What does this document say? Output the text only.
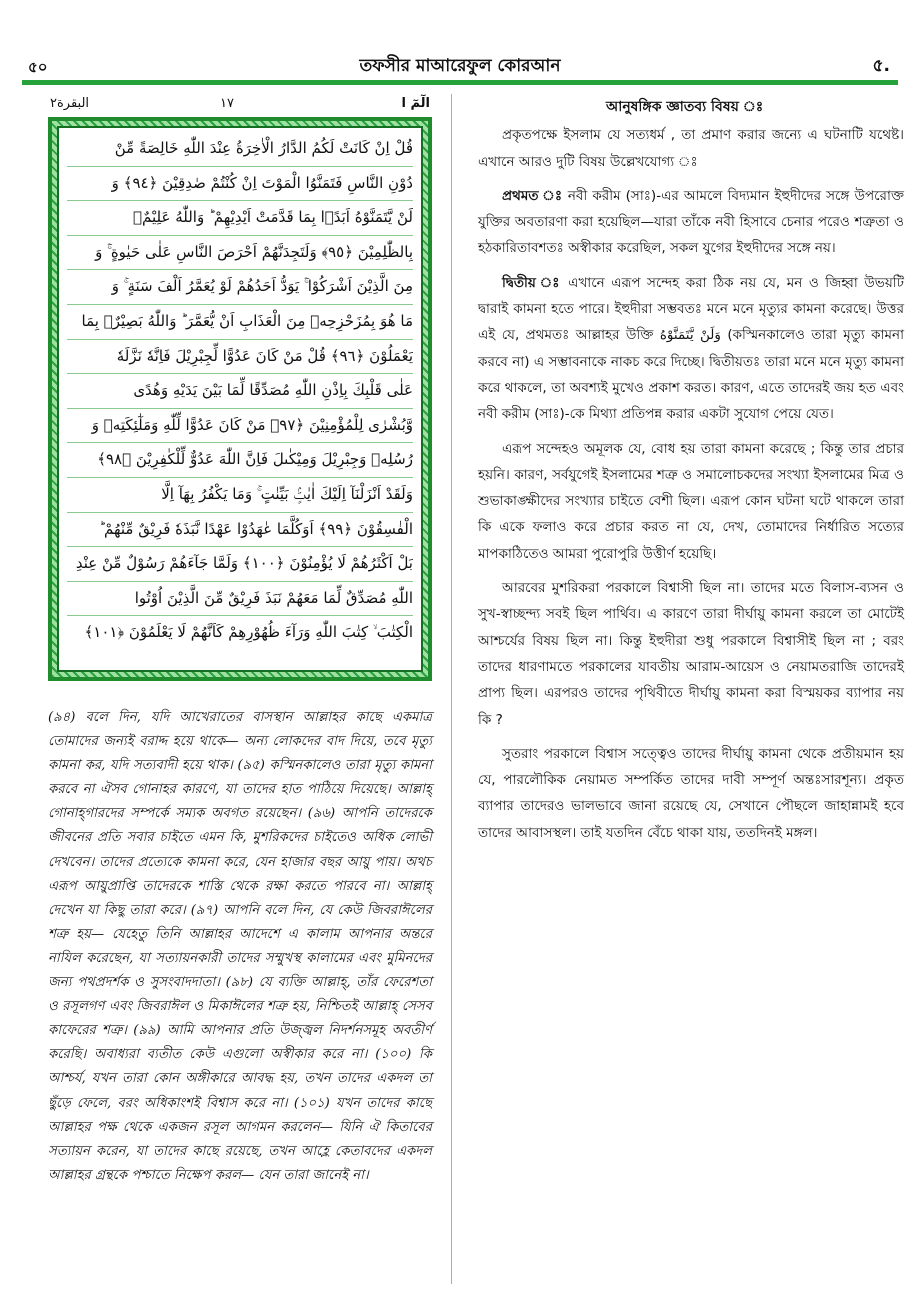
৫০	তফসীর মাআরেফুল কোরআন	৫.
البقرة٢	١٧	الٓمٓ ا
قُلْ اِنْ كَانَتْ لَكُمُ الدَّارُ الْاٰخِرَةُ عِنْدَ اللّٰهِ خَالِصَةً مِّنْ
دُوْنِ النَّاسِ فَتَمَنَّوُا الْمَوْتَ اِنْ كُنْتُمْ صٰدِقِيْنَ ﴿٩٤﴾ وَ
لَنْ يَّتَمَنَّوْهُ اَبَدًۢا بِمَا قَدَّمَتْ اَيْدِيْهِمْ ؕ وَاللّٰهُ عَلِيْمٌۢ
بِالظّٰلِمِيْنَ ﴿٩٥﴾ وَلَتَجِدَنَّهُمْ اَحْرَصَ النَّاسِ عَلٰى حَيٰوةٍ ۚۛ وَ
مِنَ الَّذِيْنَ اَشْرَكُوْا ۚۛ يَوَدُّ اَحَدُهُمْ لَوْ يُعَمَّرُ اَلْفَ سَنَةٍ ۚ وَ
مَا هُوَ بِمُزَحْزِحِهٖ مِنَ الْعَذَابِ اَنْ يُّعَمَّرَ ؕ وَاللّٰهُ بَصِيْرٌۢ بِمَا
يَعْمَلُوْنَ ﴿٩٦﴾ قُلْ مَنْ كَانَ عَدُوًّا لِّجِبْرِيْلَ فَاِنَّهٗ نَزَّلَهٗ
عَلٰى قَلْبِكَ بِاِذْنِ اللّٰهِ مُصَدِّقًا لِّمَا بَيْنَ يَدَيْهِ وَهُدًى
وَّبُشْرٰى لِلْمُؤْمِنِيْنَ ﴿٩٧﴾ مَنْ كَانَ عَدُوًّا لِّلّٰهِ وَمَلٰٓئِكَتِهٖ وَ
رُسُلِهٖ وَجِبْرِيْلَ وَمِيْكٰىلَ فَاِنَّ اللّٰهَ عَدُوٌّ لِّلْكٰفِرِيْنَ ﴿٩٨﴾
وَلَقَدْ اَنْزَلْنَآ اِلَيْكَ اٰيٰتٍۢ بَيِّنٰتٍ ۚ وَمَا يَكْفُرُ بِهَآ اِلَّا
الْفٰسِقُوْنَ ﴿٩٩﴾ اَوَكُلَّمَا عٰهَدُوْا عَهْدًا نَّبَذَهٗ فَرِيْقٌ مِّنْهُمْ ؕ
بَلْ اَكْثَرُهُمْ لَا يُؤْمِنُوْنَ ﴿١٠٠﴾ وَلَمَّا جَآءَهُمْ رَسُوْلٌ مِّنْ عِنْدِ
اللّٰهِ مُصَدِّقٌ لِّمَا مَعَهُمْ نَبَذَ فَرِيْقٌ مِّنَ الَّذِيْنَ اُوْتُوا
الْكِتٰبَ ۙ كِتٰبَ اللّٰهِ وَرَآءَ ظُهُوْرِهِمْ كَاَنَّهُمْ لَا يَعْلَمُوْنَ ﴿١٠١﴾

(৯৪) বলে দিন, যদি আখেরাতের বাসস্থান আল্লাহর কাছে একমাত্র তোমাদের জন্যই বরাদ্দ হয়ে থাকে— অন্য লোকদের বাদ দিয়ে, তবে মৃত্যু কামনা কর, যদি সত্যবাদী হয়ে থাক। (৯৫) কস্মিনকালেও তারা মৃত্যু কামনা করবে না ঐসব গোনাহর কারণে, যা তাদের হাত পাঠিয়ে দিয়েছে। আল্লাহ্ গোনাহ্গারদের সম্পর্কে সম্যক অবগত রয়েছেন। (৯৬) আপনি তাদেরকে জীবনের প্রতি সবার চাইতে এমন কি, মুশরিকদের চাইতেও অধিক লোভী দেখবেন। তাদের প্রত্যেকে কামনা করে, যেন হাজার বছর আয়ু পায়। অথচ এরূপ আয়ুপ্রাপ্তি তাদেরকে শাস্তি থেকে রক্ষা করতে পারবে না। আল্লাহ্ দেখেন যা কিছু তারা করে। (৯৭) আপনি বলে দিন, যে কেউ জিবরাঈলের শত্রু হয়— যেহেতু তিনি আল্লাহর আদেশে এ কালাম আপনার অন্তরে নাযিল করেছেন, যা সত্যায়নকারী তাদের সম্মুখস্থ কালামের এবং মুমিনদের জন্য পথপ্রদর্শক ও সুসংবাদদাতা। (৯৮) যে ব্যক্তি আল্লাহ্, তাঁর ফেরেশতা ও রসূলগণ এবং জিবরাঈল ও মিকাঈলের শত্রু হয়, নিশ্চিতই আল্লাহ্ সেসব কাফেরের শত্রু। (৯৯) আমি আপনার প্রতি উজ্জ্বল নিদর্শনসমূহ অবতীর্ণ করেছি। অবাধ্যরা ব্যতীত কেউ এগুলো অস্বীকার করে না। (১০০) কি আশ্চর্য, যখন তারা কোন অঙ্গীকারে আবদ্ধ হয়, তখন তাদের একদল তা ছুঁড়ে ফেলে, বরং অধিকাংশই বিশ্বাস করে না। (১০১) যখন তাদের কাছে আল্লাহর পক্ষ থেকে একজন রসূল আগমন করলেন— যিনি ঐ কিতাবের সত্যায়ন করেন, যা তাদের কাছে রয়েছে, তখন আহ্লে কেতাবদের একদল আল্লাহর গ্রন্থকে পশ্চাতে নিক্ষেপ করল— যেন তারা জানেই না।

আনুষঙ্গিক জ্ঞাতব্য বিষয় ঃ

প্রকৃতপক্ষে ইসলাম যে সত্যধর্ম , তা প্রমাণ করার জন্যে এ ঘটনাটি যথেষ্ট। এখানে আরও দুটি বিষয় উল্লেখযোগ্য ঃ

প্রথমত ঃ নবী করীম (সাঃ)-এর আমলে বিদ্যমান ইহুদীদের সঙ্গে উপরোক্ত যুক্তির অবতারণা করা হয়েছিল—যারা তাঁকে নবী হিসাবে চেনার পরেও শত্রুতা ও হঠকারিতাবশতঃ অস্বীকার করেছিল, সকল যুগের ইহুদীদের সঙ্গে নয়।

দ্বিতীয় ঃ এখানে এরূপ সন্দেহ করা ঠিক নয় যে, মন ও জিহ্বা উভয়টি দ্বারাই কামনা হতে পারে। ইহুদীরা সম্ভবতঃ মনে মনে মৃত্যুর কামনা করেছে। উত্তর এই যে, প্রথমতঃ আল্লাহর উক্তি وَلَنْ يَّتَمَنَّوْهُ (কস্মিনকালেও তারা মৃত্যু কামনা করবে না) এ সম্ভাবনাকে নাকচ করে দিচ্ছে। দ্বিতীয়তঃ তারা মনে মনে মৃত্যু কামনা করে থাকলে, তা অবশ্যই মুখেও প্রকাশ করত। কারণ, এতে তাদেরই জয় হত এবং নবী করীম (সাঃ)-কে মিথ্যা প্রতিপন্ন করার একটা সুযোগ পেয়ে যেত।

এরূপ সন্দেহও অমূলক যে, বোধ হয় তারা কামনা করেছে ; কিন্তু তার প্রচার হয়নি। কারণ, সর্বযুগেই ইসলামের শত্রু ও সমালোচকদের সংখ্যা ইসলামের মিত্র ও শুভাকাঙ্ক্ষীদের সংখ্যার চাইতে বেশী ছিল। এরূপ কোন ঘটনা ঘটে থাকলে তারা কি একে ফলাও করে প্রচার করত না যে, দেখ, তোমাদের নির্ধারিত সত্যের মাপকাঠিতেও আমরা পুরোপুরি উত্তীর্ণ হয়েছি।

আরবের মুশরিকরা পরকালে বিশ্বাসী ছিল না। তাদের মতে বিলাস-ব্যসন ও সুখ-স্বাচ্ছন্দ্য সবই ছিল পার্থিব। এ কারণে তারা দীর্ঘায়ু কামনা করলে তা মোটেই আশ্চর্যের বিষয় ছিল না। কিন্তু ইহুদীরা শুধু পরকালে বিশ্বাসীই ছিল না ; বরং তাদের ধারণামতে পরকালের যাবতীয় আরাম-আয়েস ও নেয়ামতরাজি তাদেরই প্রাপ্য ছিল। এরপরও তাদের পৃথিবীতে দীর্ঘায়ু কামনা করা বিস্ময়কর ব্যাপার নয় কি ?

সুতরাং পরকালে বিশ্বাস সত্ত্বেও তাদের দীর্ঘায়ু কামনা থেকে প্রতীয়মান হয় যে, পারলৌকিক নেয়ামত সম্পর্কিত তাদের দাবী সম্পূর্ণ অন্তঃসারশূন্য। প্রকৃত ব্যাপার তাদেরও ভালভাবে জানা রয়েছে যে, সেখানে পৌছলে জাহান্নামই হবে তাদের আবাসস্থল। তাই যতদিন বেঁচে থাকা যায়, ততদিনই মঙ্গল।
